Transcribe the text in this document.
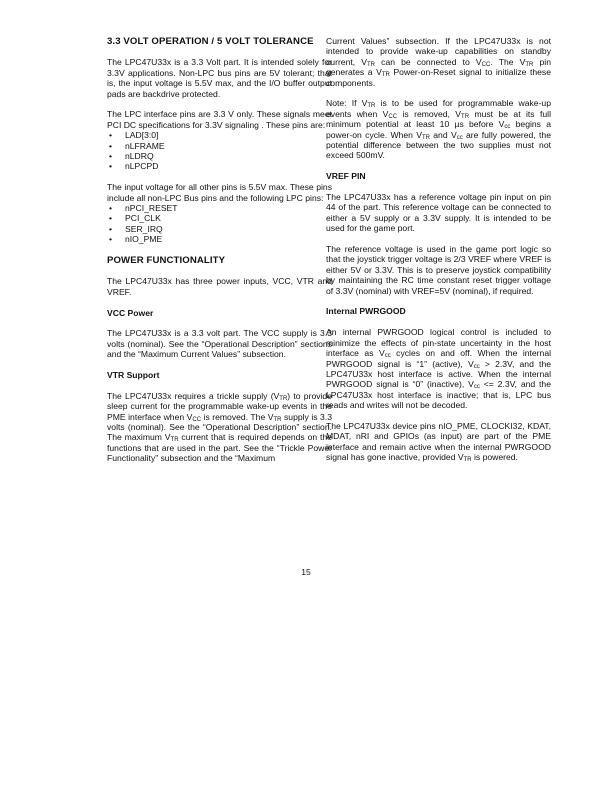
3.3 VOLT OPERATION / 5 VOLT TOLERANCE

The LPC47U33x is a 3.3 Volt part. It is intended solely for 3.3V applications. Non-LPC bus pins are 5V tolerant; that is, the input voltage is 5.5V max, and the I/O buffer output pads are backdrive protected.

The LPC interface pins are 3.3 V only. These signals meet PCI DC specifications for 3.3V signaling . These pins are:

• LAD[3:0]
• nLFRAME
• nLDRQ
• nLPCPD

The input voltage for all other pins is 5.5V max. These pins include all non-LPC Bus pins and the following LPC pins:

• nPCI_RESET
• PCI_CLK
• SER_IRQ
• nIO_PME
POWER FUNCTIONALITY

The LPC47U33x has three power inputs, VCC, VTR and VREF.

VCC Power

The LPC47U33x is a 3.3 volt part. The VCC supply is 3.3 volts (nominal). See the “Operational Description” sections and the “Maximum Current Values” subsection.

VTR Support

The LPC47U33x requires a trickle supply $(V_{TR})$ to provide sleep current for the programmable wake-up events in the PME interface when $V_{CC}$ is removed. The $V_{TR}$ supply is 3.3 volts (nominal). See the “Operational Description” section. The maximum $V_{TR}$ current that is required depends on the functions that are used in the part. See the “Trickle Power Functionality” subsection and the “Maximum

Current Values” subsection. If the LPC47U33x is not intended to provide wake-up capabilities on standby current, $V_{TR}$ can be connected to $V_{CC}$. The $V_{TR}$ pin generates a $V_{TR}$ Power-on-Reset signal to initialize these components.

Note: If $V_{TR}$ is to be used for programmable wake-up events when $V_{CC}$ is removed, $V_{TR}$ must be at its full minimum potential at least 10 µs before $V_{cc}$ begins a power-on cycle. When $V_{TR}$ and $V_{cc}$ are fully powered, the potential difference between the two supplies must not exceed 500mV.

VREF PIN

The LPC47U33x has a reference voltage pin input on pin 44 of the part. This reference voltage can be connected to either a 5V supply or a 3.3V supply. It is intended to be used for the game port.

The reference voltage is used in the game port logic so that the joystick trigger voltage is 2/3 VREF where VREF is either 5V or 3.3V. This is to preserve joystick compatibility by maintaining the RC time constant reset trigger voltage of 3.3V (nominal) with VREF=5V (nominal), if required.

Internal PWRGOOD

An internal PWRGOOD logical control is included to minimize the effects of pin-state uncertainty in the host interface as $V_{cc}$ cycles on and off. When the internal PWRGOOD signal is “1” (active), $V_{cc} > 2.3V$, and the LPC47U33x host interface is active. When the internal PWRGOOD signal is “0” (inactive), $V_{cc} <= 2.3V$, and the LPC47U33x host interface is inactive; that is, LPC bus reads and writes will not be decoded.

The LPC47U33x device pins nIO_PME, CLOCKI32, KDAT, MDAT, nRI and GPIOs (as input) are part of the PME interface and remain active when the internal PWRGOOD signal has gone inactive, provided $V_{TR}$ is powered.

15
